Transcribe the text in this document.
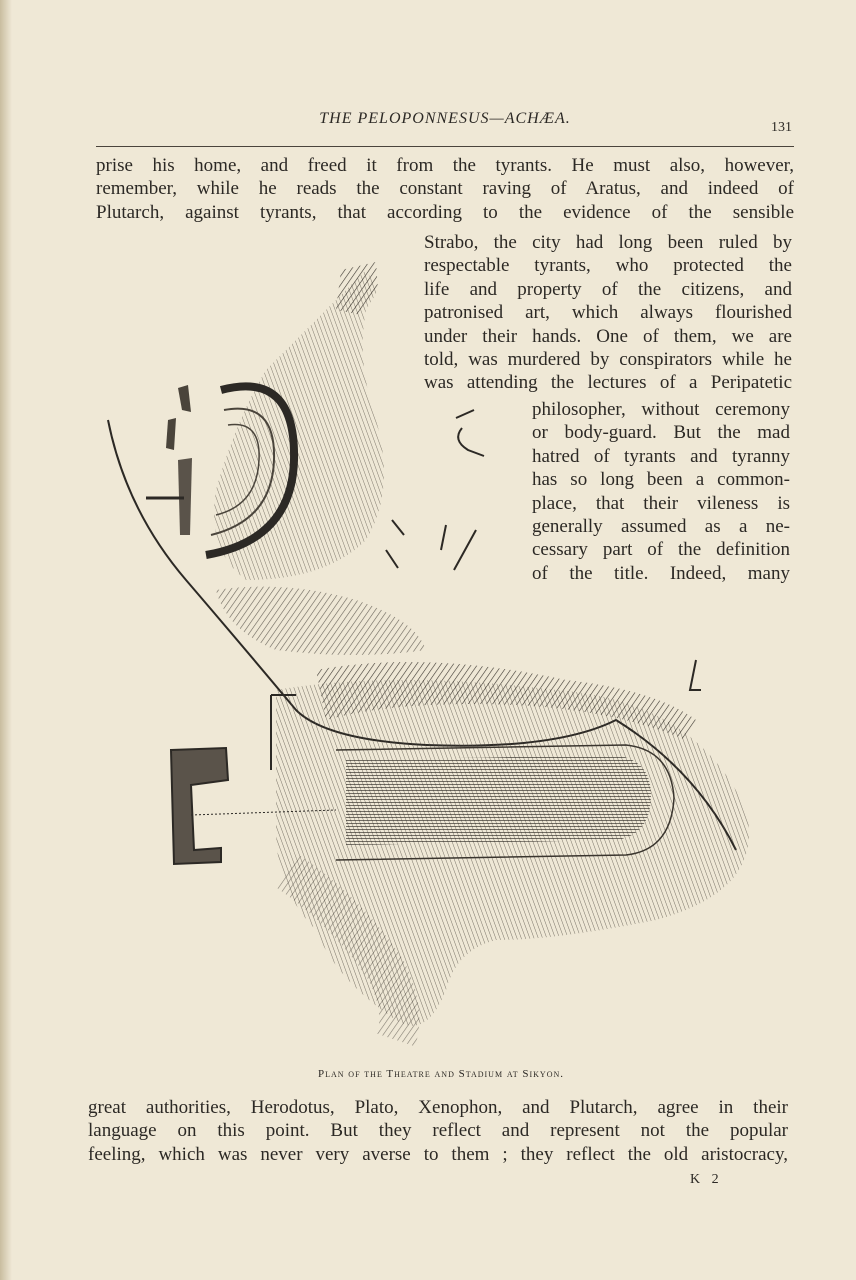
THE PELOPONNESUS—ACHÆA.
131
prise his home, and freed it from the tyrants. He must also, however,
remember, while he reads the constant raving of Aratus, and indeed of
Plutarch, against tyrants, that according to the evidence of the sensible
Strabo, the city had long been ruled by
respectable tyrants, who protected the
life and property of the citizens, and
patronised art, which always flourished
under their hands. One of them, we are
told, was murdered by conspirators while he
was attending the lectures of a Peripatetic
philosopher, without ceremony
or body-guard. But the mad
hatred of tyrants and tyranny
has so long been a common-
place, that their vileness is
generally assumed as a ne-
cessary part of the definition
of the title. Indeed, many
Plan of the Theatre and Stadium at Sikyon.
great authorities, Herodotus, Plato, Xenophon, and Plutarch, agree in their
language on this point. But they reflect and represent not the popular
feeling, which was never very averse to them ; they reflect the old aristocracy,
K 2
